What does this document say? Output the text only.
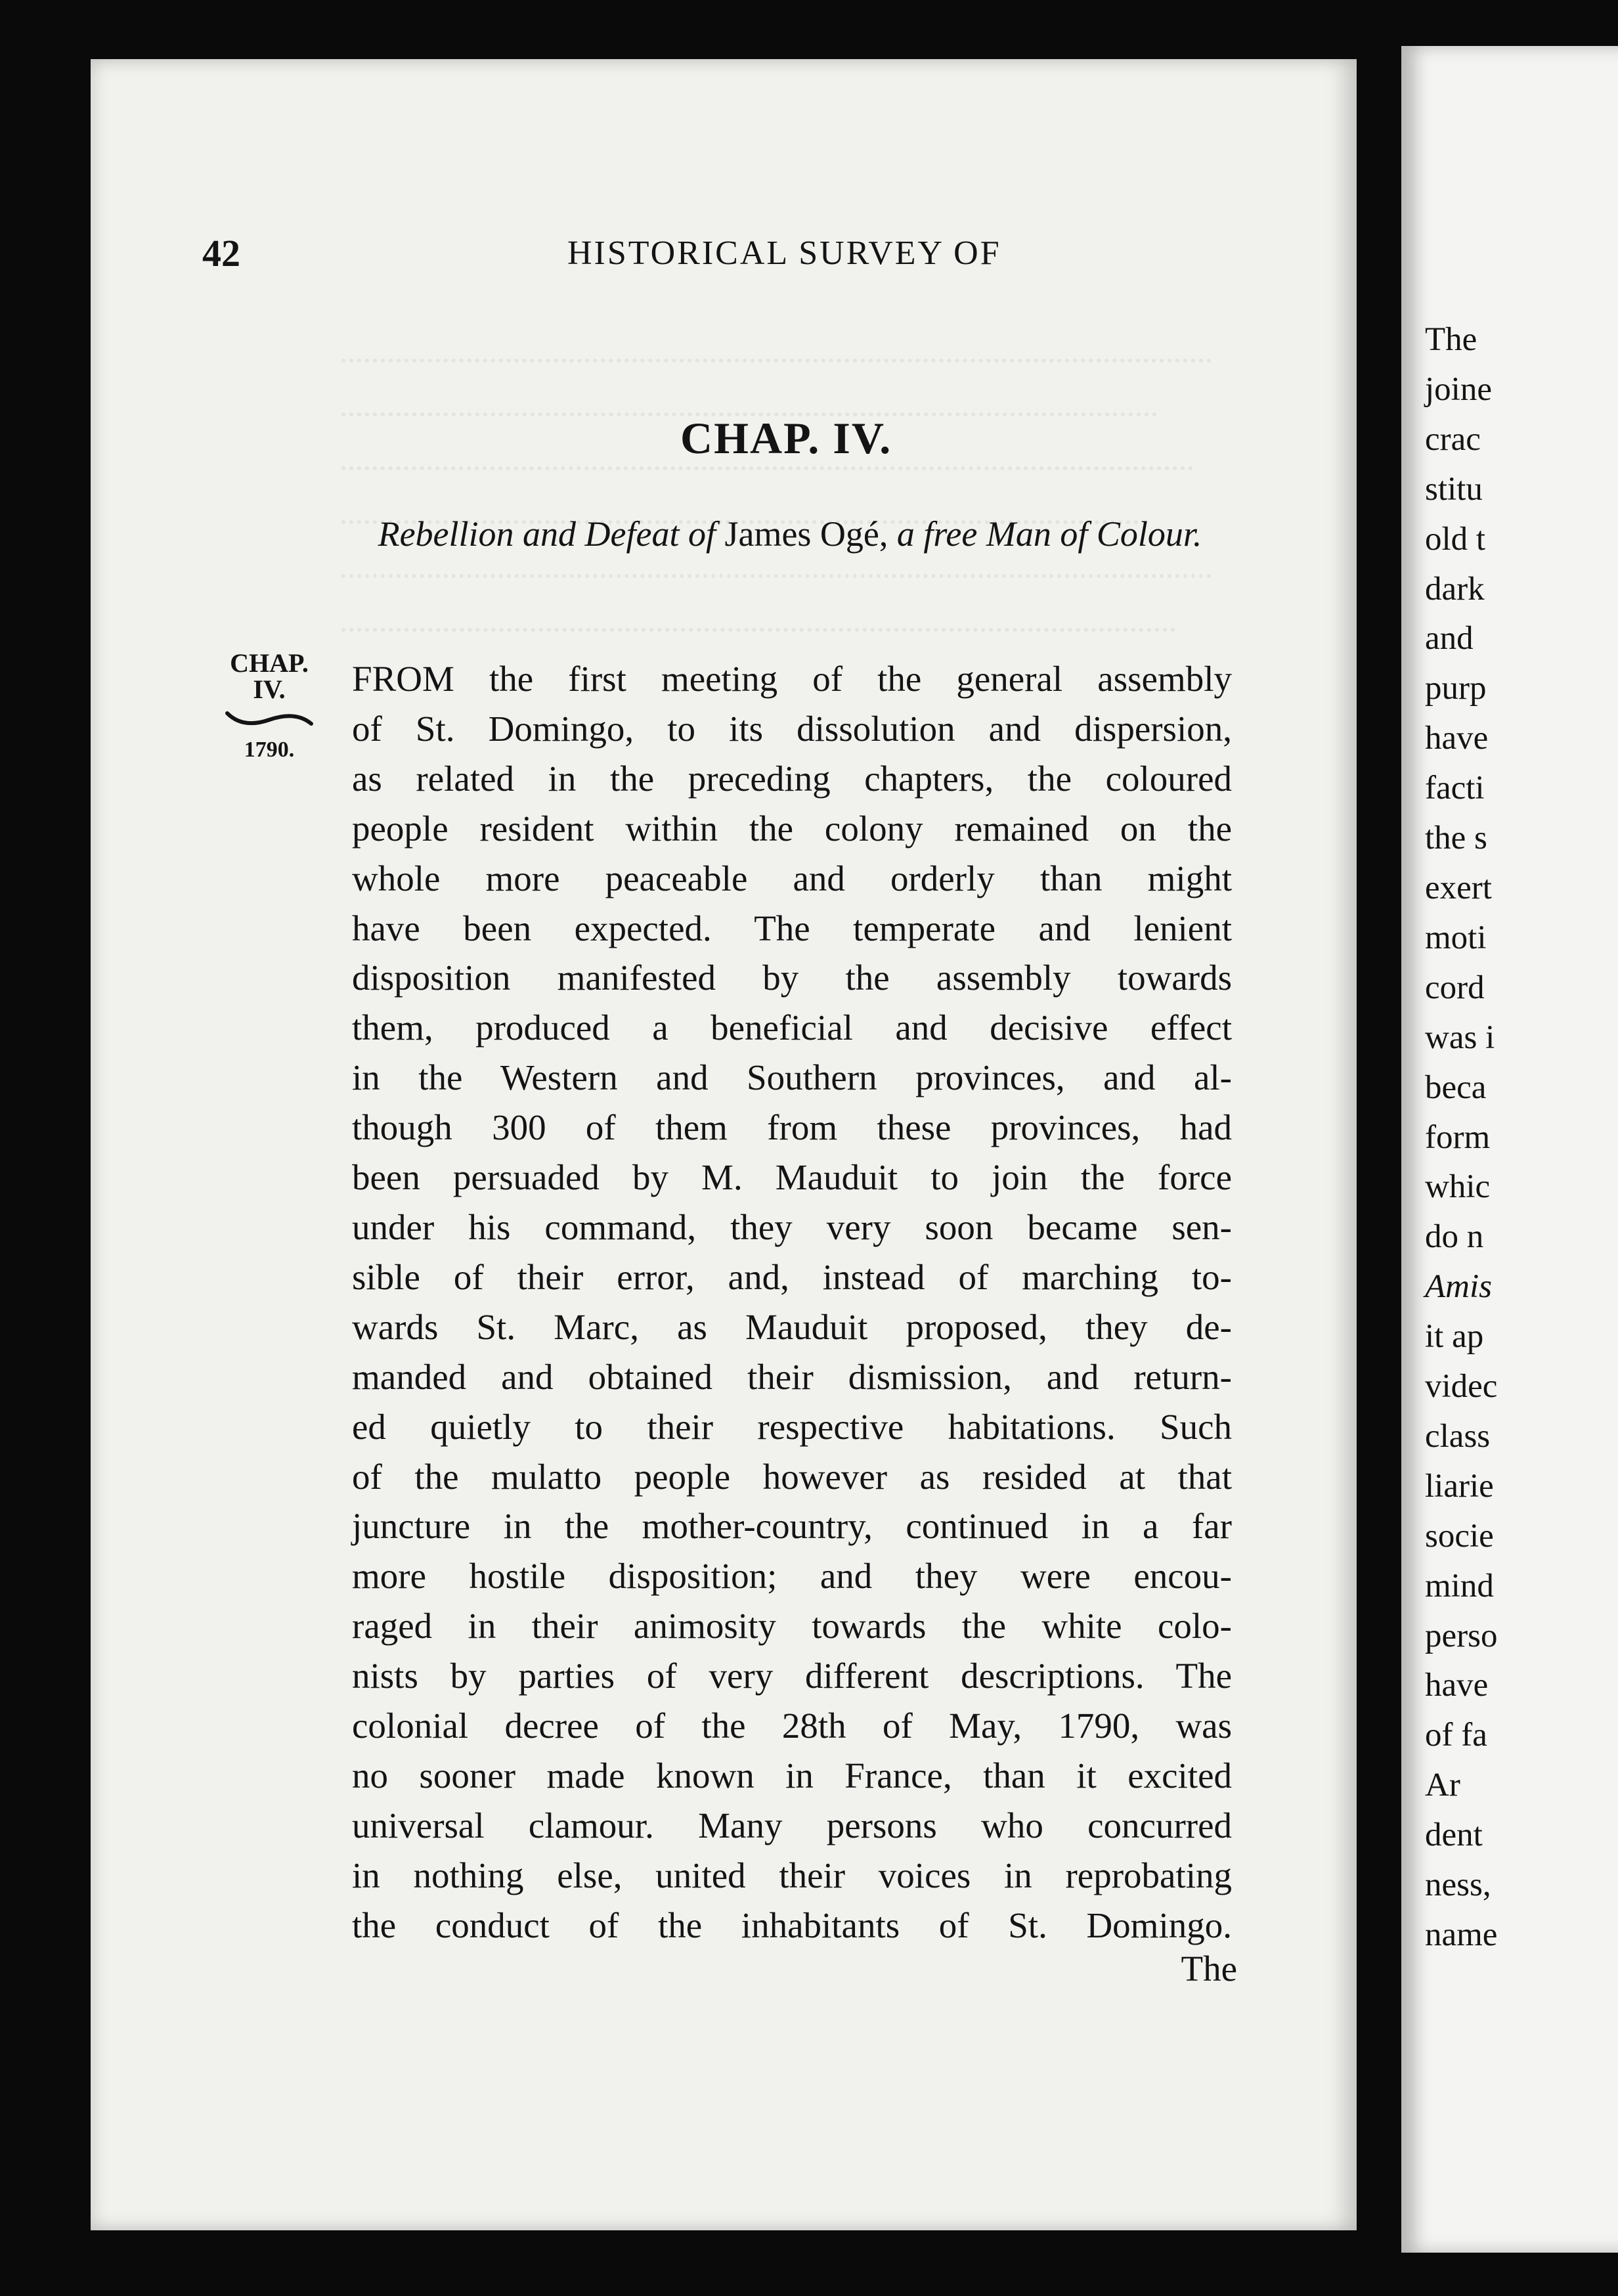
42	HISTORICAL SURVEY OF
CHAP. IV.
Rebellion and Defeat of James Ogé, a free Man of Colour.
CHAP.
IV.
1790.
FROM the first meeting of the general assembly
of St. Domingo, to its dissolution and dispersion,
as related in the preceding chapters, the coloured
people resident within the colony remained on the
whole more peaceable and orderly than might
have been expected. The temperate and lenient
disposition manifested by the assembly towards
them, produced a beneficial and decisive effect
in the Western and Southern provinces, and al-
though 300 of them from these provinces, had
been persuaded by M. Mauduit to join the force
under his command, they very soon became sen-
sible of their error, and, instead of marching to-
wards St. Marc, as Mauduit proposed, they de-
manded and obtained their dismission, and return-
ed quietly to their respective habitations. Such
of the mulatto people however as resided at that
juncture in the mother-country, continued in a far
more hostile disposition; and they were encou-
raged in their animosity towards the white colo-
nists by parties of very different descriptions. The
colonial decree of the 28th of May, 1790, was
no sooner made known in France, than it excited
universal clamour. Many persons who concurred
in nothing else, united their voices in reprobating
the conduct of the inhabitants of St. Domingo.
The
The
joine
crac
stitu
old t
dark
and
purp
have
facti
the s
exert
moti
cord
was i
beca
form
whic
do n
Amis
it ap
videc
class
liarie
socie
mind
perso
have
of fa
Ar
dent
ness,
name
